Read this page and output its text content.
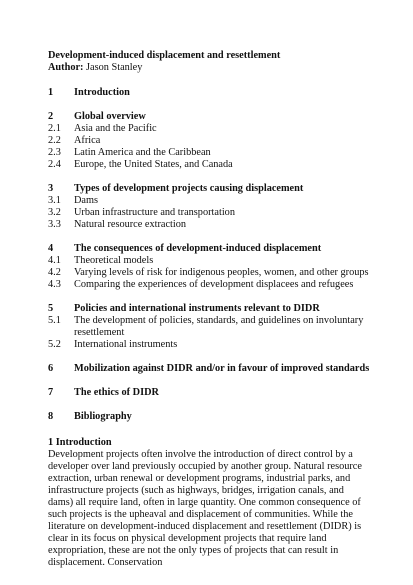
Development-induced displacement and resettlement
Author: Jason Stanley
1	Introduction
2	Global overview
2.1	Asia and the Pacific
2.2	Africa
2.3	Latin America and the Caribbean
2.4	Europe, the United States, and Canada
3	Types of development projects causing displacement
3.1	Dams
3.2	Urban infrastructure and transportation
3.3	Natural resource extraction
4	The consequences of development-induced displacement
4.1	Theoretical models
4.2	Varying levels of risk for indigenous peoples, women, and other groups
4.3	Comparing the experiences of development displacees and refugees
5	Policies and international instruments relevant to DIDR
5.1	The development of policies, standards, and guidelines on involuntary resettlement
5.2	International instruments
6	Mobilization against DIDR and/or in favour of improved standards
7	The ethics of DIDR
8	Bibliography
1 Introduction
Development projects often involve the introduction of direct control by a developer over land previously occupied by another group. Natural resource extraction, urban renewal or development programs, industrial parks, and infrastructure projects (such as highways, bridges, irrigation canals, and dams) all require land, often in large quantity. One common consequence of such projects is the upheaval and displacement of communities. While the literature on development-induced displacement and resettlement (DIDR) is clear in its focus on physical development projects that require land expropriation, these are not the only types of projects that can result in displacement. Conservation
